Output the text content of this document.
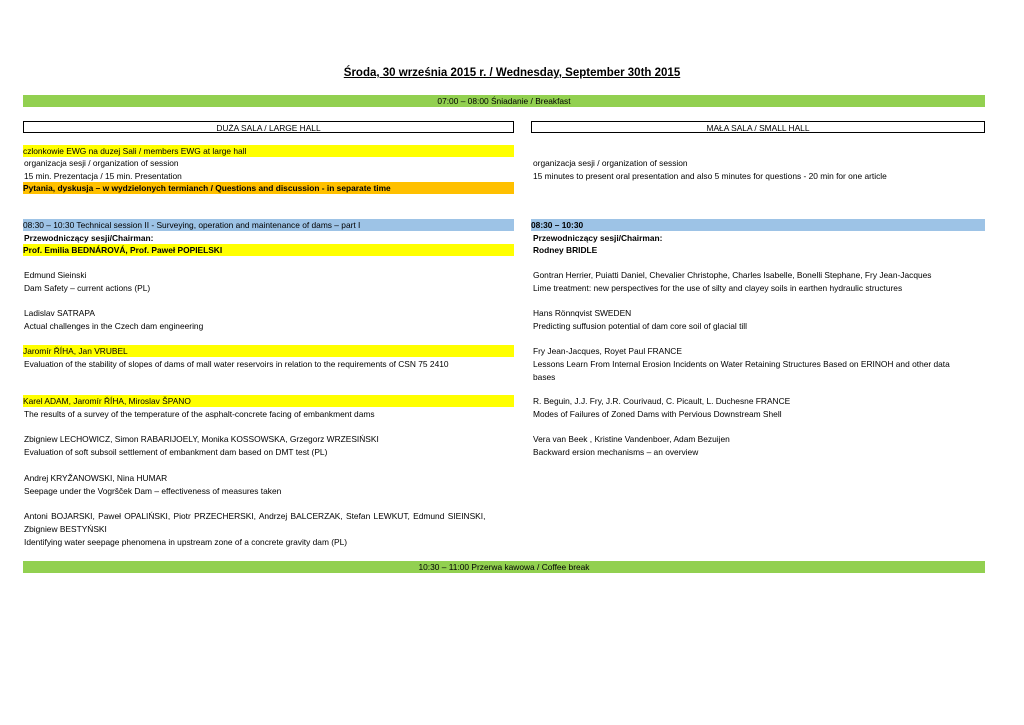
Środa, 30 września 2015 r. / Wednesday, September 30th 2015
07:00 – 08:00 Śniadanie / Breakfast
DUŻA SALA / LARGE HALL	MAŁA SALA / SMALL HALL
czlonkowie EWG na duzej Sali / members EWG at large hall
organizacja sesji / organization of session
15 min. Prezentacja / 15 min. Presentation
Pytania, dyskusja – w wydzielonych termianch / Questions and discussion - in separate time
organizacja sesji / organization of session
15 minutes to present oral presentation and also 5 minutes for questions - 20 min for one article
08:30 – 10:30 Technical session II - Surveying, operation and maintenance of dams – part I
Przewodniczący sesji/Chairman:
Prof. Emilia BEDNÁROVÁ, Prof. Paweł POPIELSKI
Edmund Sieinski
Dam Safety – current actions (PL)
Ladislav SATRAPA
Actual challenges in the Czech dam engineering
Jaromír ŘÍHA, Jan VRUBEL
Evaluation of the stability of slopes of dams of mall water reservoirs in relation to the requirements of CSN 75 2410
Karel ADAM, Jaromír ŘÍHA, Miroslav ŠPANO
The results of a survey of the temperature of the asphalt-concrete facing of embankment dams
Zbigniew LECHOWICZ, Simon RABARIJOELY, Monika KOSSOWSKA, Grzegorz WRZESIŃSKI
Evaluation of soft subsoil settlement of embankment dam based on DMT test (PL)
Andrej KRYŽANOWSKI, Nina HUMAR
Seepage under the Vogršček Dam – effectiveness of measures taken
Antoni BOJARSKI, Paweł OPALIŃSKI, Piotr PRZECHERSKI, Andrzej BALCERZAK, Stefan LEWKUT, Edmund SIEINSKI,
Zbigniew BESTYŃSKI
Identifying water seepage phenomena in upstream zone of a concrete gravity dam (PL)
08:30 – 10:30
Przewodniczący sesji/Chairman:
Rodney BRIDLE
Gontran Herrier, Puiatti Daniel, Chevalier Christophe, Charles Isabelle, Bonelli Stephane, Fry Jean-Jacques
Lime treatment: new perspectives for the use of silty and clayey soils in earthen hydraulic structures
Hans Rönnqvist SWEDEN
Predicting suffusion potential of dam core soil of glacial till
Fry Jean-Jacques, Royet Paul FRANCE
Lessons Learn From Internal Erosion Incidents on Water Retaining Structures Based on ERINOH and other data
bases
R. Beguin, J.J. Fry, J.R. Courivaud, C. Picault, L. Duchesne FRANCE
Modes of Failures of Zoned Dams with Pervious Downstream Shell
Vera van Beek , Kristine Vandenboer, Adam Bezuijen
Backward ersion mechanisms – an overview
10:30 – 11:00 Przerwa kawowa / Coffee break
